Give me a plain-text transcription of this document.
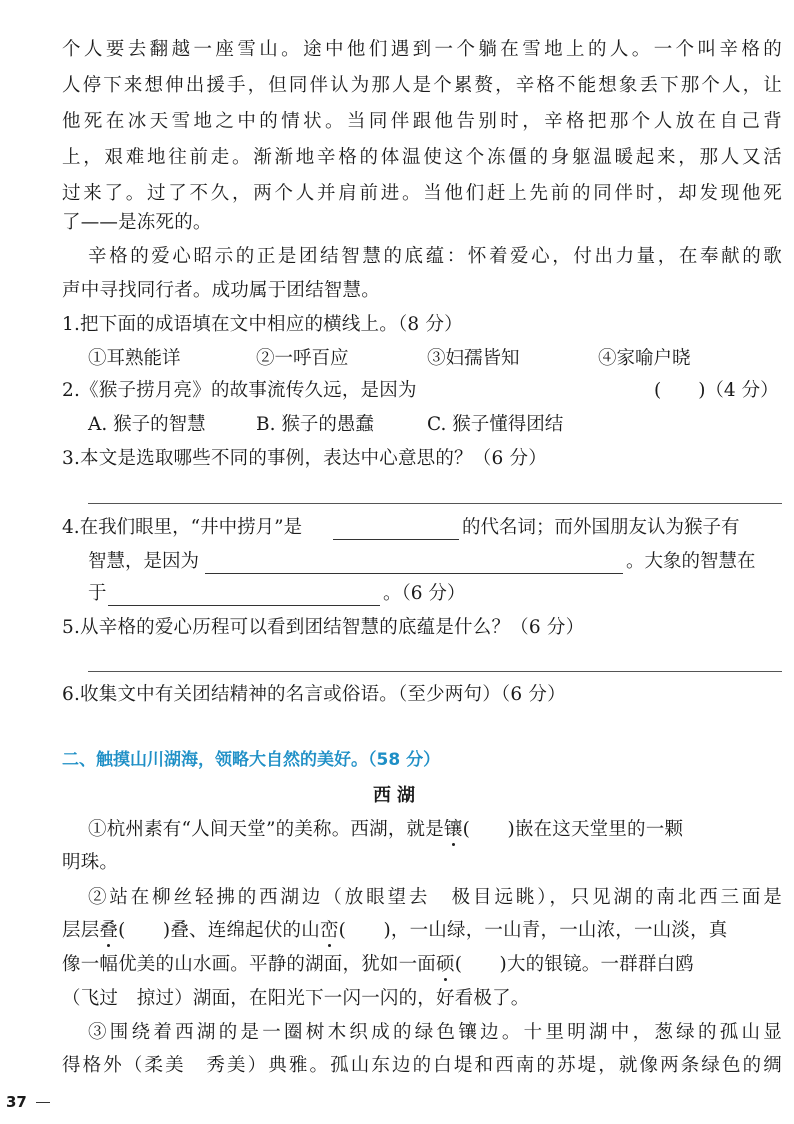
个人要去翻越一座雪山。途中他们遇到一个躺在雪地上的人。一个叫辛格的
人停下来想伸出援手，但同伴认为那人是个累赘，辛格不能想象丢下那个人，让
他死在冰天雪地之中的情状。当同伴跟他告别时，辛格把那个人放在自己背
上，艰难地往前走。渐渐地辛格的体温使这个冻僵的身躯温暖起来，那人又活
过来了。过了不久，两个人并肩前进。当他们赶上先前的同伴时，却发现他死
了——是冻死的。
辛格的爱心昭示的正是团结智慧的底蕴：怀着爱心，付出力量，在奉献的歌
声中寻找同行者。成功属于团结智慧。
1.把下面的成语填在文中相应的横线上。（8 分）
①耳熟能详	②一呼百应	③妇孺皆知	④家喻户晓
2.《猴子捞月亮》的故事流传久远，是因为	(　　)（4 分）
A. 猴子的智慧	B. 猴子的愚蠢	C. 猴子懂得团结
3.本文是选取哪些不同的事例，表达中心意思的？（6 分）
4.在我们眼里，“井中捞月”是	的代名词；而外国朋友认为猴子有
智慧，是因为	。大象的智慧在
于	。（6 分）
5.从辛格的爱心历程可以看到团结智慧的底蕴是什么？（6 分）
6.收集文中有关团结精神的名言或俗语。（至少两句）（6 分）
二、触摸山川湖海，领略大自然的美好。（58 分）
西湖
①杭州素有“人间天堂”的美称。西湖，就是镶(　　)嵌在这天堂里的一颗
明珠。
②站在柳丝轻拂的西湖边（放眼望去　极目远眺），只见湖的南北西三面是
层层叠(　　)叠、连绵起伏的山峦(　　)，一山绿，一山青，一山浓，一山淡，真
像一幅优美的山水画。平静的湖面，犹如一面硕(　　)大的银镜。一群群白鸥
（飞过　掠过）湖面，在阳光下一闪一闪的，好看极了。
③围绕着西湖的是一圈树木织成的绿色镶边。十里明湖中，葱绿的孤山显
得格外（柔美　秀美）典雅。孤山东边的白堤和西南的苏堤，就像两条绿色的绸
37
